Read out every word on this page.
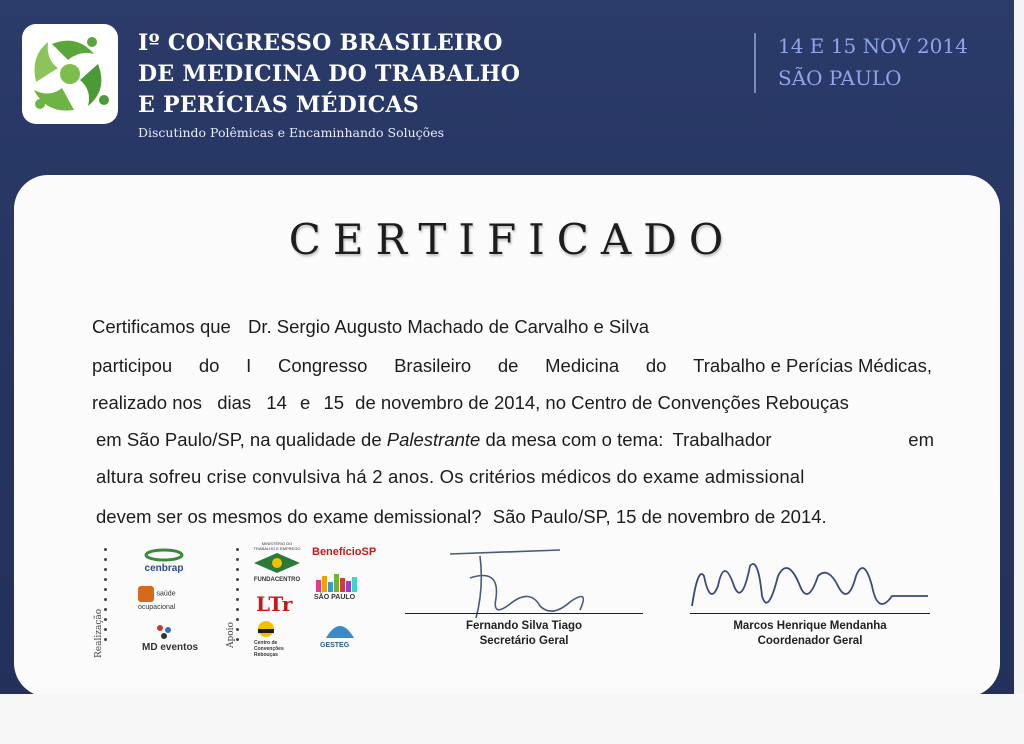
Iº CONGRESSO BRASILEIRO
DE MEDICINA DO TRABALHO
E PERÍCIAS MÉDICAS
Discutindo Polêmicas e Encaminhando Soluções
14 E 15 NOV 2014
SÃO PAULO
CERTIFICADO
Certificamos que Dr. Sergio Augusto Machado de Carvalho e Silva
participou do I Congresso Brasileiro de Medicina do Trabalho e Perícias Médicas,
realizado nos dias 14 e 15 de novembro de 2014, no Centro de Convenções Rebouças
em São Paulo/SP, na qualidade de Palestrante da mesa com o tema: Trabalhador	em
altura sofreu crise convulsiva há 2 anos. Os critérios médicos do exame admissional
devem ser os mesmos do exame demissional? São Paulo/SP, 15 de novembro de 2014.
Realização
cenbrap
saúde ocupacional
MD eventos	Apoio
MINISTÉRIO DO TRABALHO E EMPREGO
FUNDACENTRO
LTr
Centro de Convenções Rebouças
BenefícioSP
SÃO PAULO
GESTEG
Fernando Silva Tiago
Secretário Geral
Marcos Henrique Mendanha
Coordenador Geral
